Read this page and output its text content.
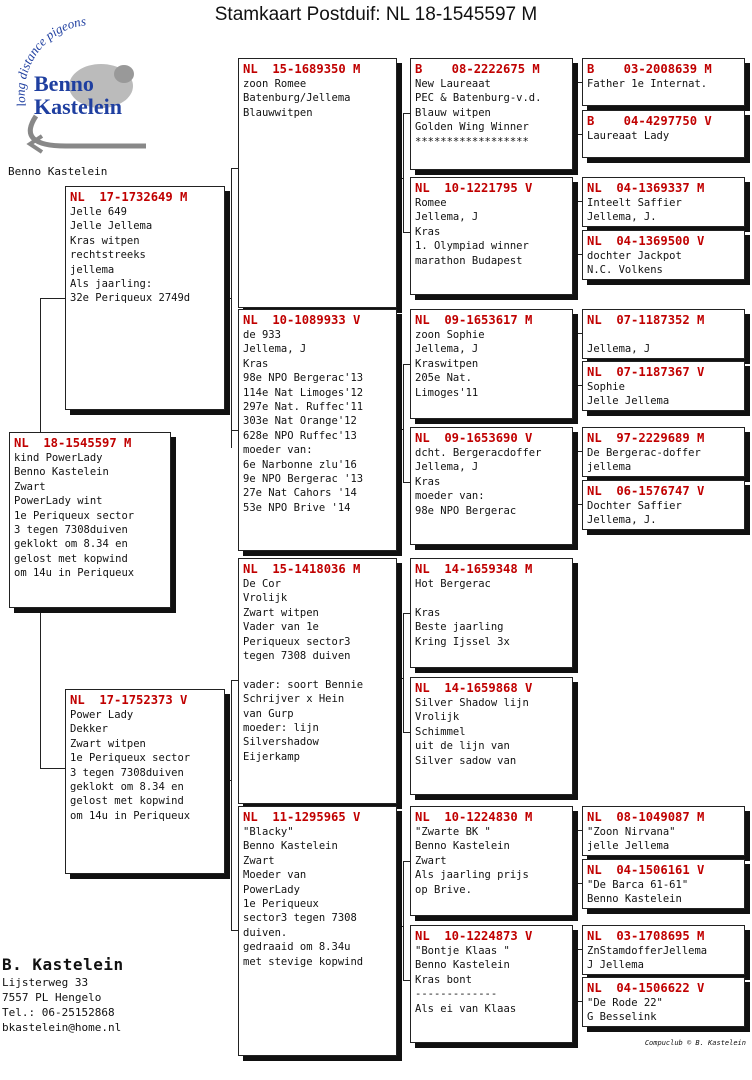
Stamkaart Postduif: NL 18-1545597 M
long distance pigeons
Benno
Kastelein
Benno Kastelein
NL  18-1545597 M
kind PowerLady
Benno Kastelein
Zwart
PowerLady wint
1e Periqueux sector
3 tegen 7308duiven
geklokt om 8.34 en
gelost met kopwind
om 14u in Periqueux
NL  17-1732649 M
Jelle 649
Jelle Jellema
Kras witpen
rechtstreeks
jellema
Als jaarling:
32e Periqueux 2749d
NL  17-1752373 V
Power Lady
Dekker
Zwart witpen
1e Periqueux sector
3 tegen 7308duiven
geklokt om 8.34 en
gelost met kopwind
om 14u in Periqueux
NL  15-1689350 M
zoon Romee
Batenburg/Jellema
Blauwwitpen
NL  10-1089933 V
de 933
Jellema, J
Kras
98e NPO Bergerac'13
114e Nat Limoges'12
297e Nat. Ruffec'11
303e Nat Orange'12
628e NPO Ruffec'13
moeder van:
6e Narbonne zlu'16
9e NPO Bergerac '13
27e Nat Cahors '14
53e NPO Brive '14
NL  15-1418036 M
De Cor
Vrolijk
Zwart witpen
Vader van 1e
Periqueux sector3
tegen 7308 duiven

vader: soort Bennie
Schrijver x Hein
van Gurp
moeder: lijn
Silvershadow
Eijerkamp
NL  11-1295965 V
"Blacky"
Benno Kastelein
Zwart
Moeder van
PowerLady
1e Periqueux
sector3 tegen 7308
duiven.
gedraaid om 8.34u
met stevige kopwind
B    08-2222675 M
New Laureaat
PEC & Batenburg-v.d.
Blauw witpen
Golden Wing Winner
******************
NL  10-1221795 V
Romee
Jellema, J
Kras
1. Olympiad winner
marathon Budapest
NL  09-1653617 M
zoon Sophie
Jellema, J
Kraswitpen
205e Nat.
Limoges'11
NL  09-1653690 V
dcht. Bergeracdoffer
Jellema, J
Kras
moeder van:
98e NPO Bergerac
NL  14-1659348 M
Hot Bergerac

Kras
Beste jaarling
Kring Ijssel 3x
NL  14-1659868 V
Silver Shadow lijn
Vrolijk
Schimmel
uit de lijn van
Silver sadow van
NL  10-1224830 M
"Zwarte BK "
Benno Kastelein
Zwart
Als jaarling prijs
op Brive.
NL  10-1224873 V
"Bontje Klaas "
Benno Kastelein
Kras bont
-------------
Als ei van Klaas
B    03-2008639 M
Father 1e Internat.
B    04-4297750 V
Laureaat Lady
NL  04-1369337 M
Inteelt Saffier
Jellema, J.
NL  04-1369500 V
dochter Jackpot
N.C. Volkens
NL  07-1187352 M

Jellema, J
NL  07-1187367 V
Sophie
Jelle Jellema
NL  97-2229689 M
De Bergerac-doffer
jellema
NL  06-1576747 V
Dochter Saffier
Jellema, J.
NL  08-1049087 M
"Zoon Nirvana"
jelle Jellema
NL  04-1506161 V
"De Barca 61-61"
Benno Kastelein
NL  03-1708695 M
ZnStamdofferJellema
J Jellema
NL  04-1506622 V
"De Rode 22"
G Besselink
B. Kastelein
Lijsterweg 33
7557 PL Hengelo
Tel.: 06-25152868
bkastelein@home.nl
Compuclub © B. Kastelein
